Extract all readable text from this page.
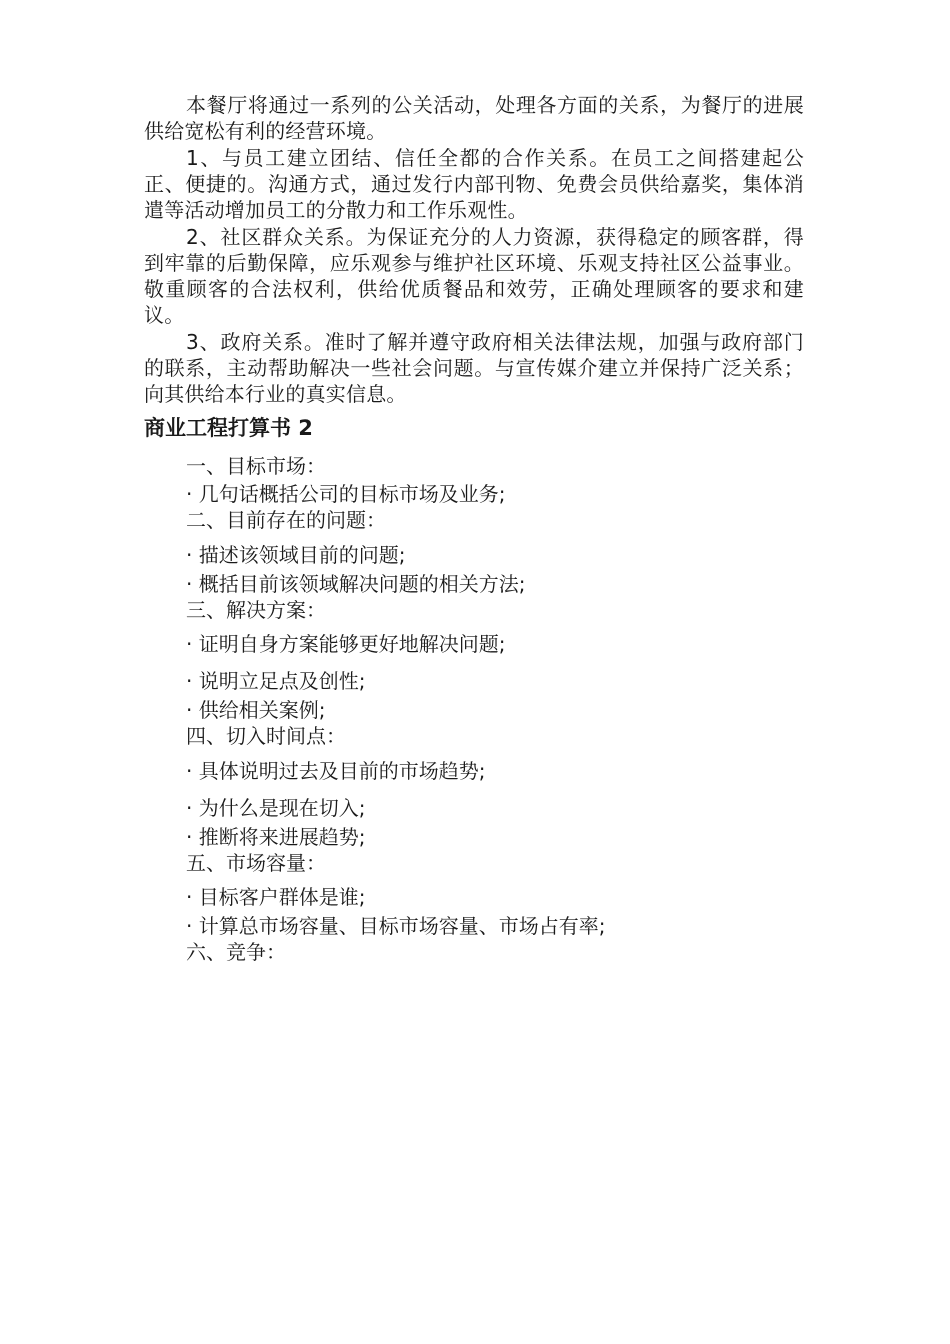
本餐厅将通过一系列的公关活动，处理各方面的关系，为餐厅的进展供给宽松有利的经营环境。

1、与员工建立团结、信任全都的合作关系。在员工之间搭建起公正、便捷的。沟通方式，通过发行内部刊物、免费会员供给嘉奖，集体消遣等活动增加员工的分散力和工作乐观性。

2、社区群众关系。为保证充分的人力资源，获得稳定的顾客群，得到牢靠的后勤保障，应乐观参与维护社区环境、乐观支持社区公益事业。敬重顾客的合法权利，供给优质餐品和效劳，正确处理顾客的要求和建议。

3、政府关系。准时了解并遵守政府相关法律法规，加强与政府部门的联系，主动帮助解决一些社会问题。与宣传媒介建立并保持广泛关系；向其供给本行业的真实信息。

商业工程打算书 2

一、目标市场：

· 几句话概括公司的目标市场及业务;

二、目前存在的问题：

· 描述该领域目前的问题;

· 概括目前该领域解决问题的相关方法;

三、解决方案：

· 证明自身方案能够更好地解决问题;

· 说明立足点及创性;

· 供给相关案例;

四、切入时间点：

· 具体说明过去及目前的市场趋势;

· 为什么是现在切入;

· 推断将来进展趋势;

五、市场容量：

· 目标客户群体是谁;

· 计算总市场容量、目标市场容量、市场占有率;

六、竞争：
